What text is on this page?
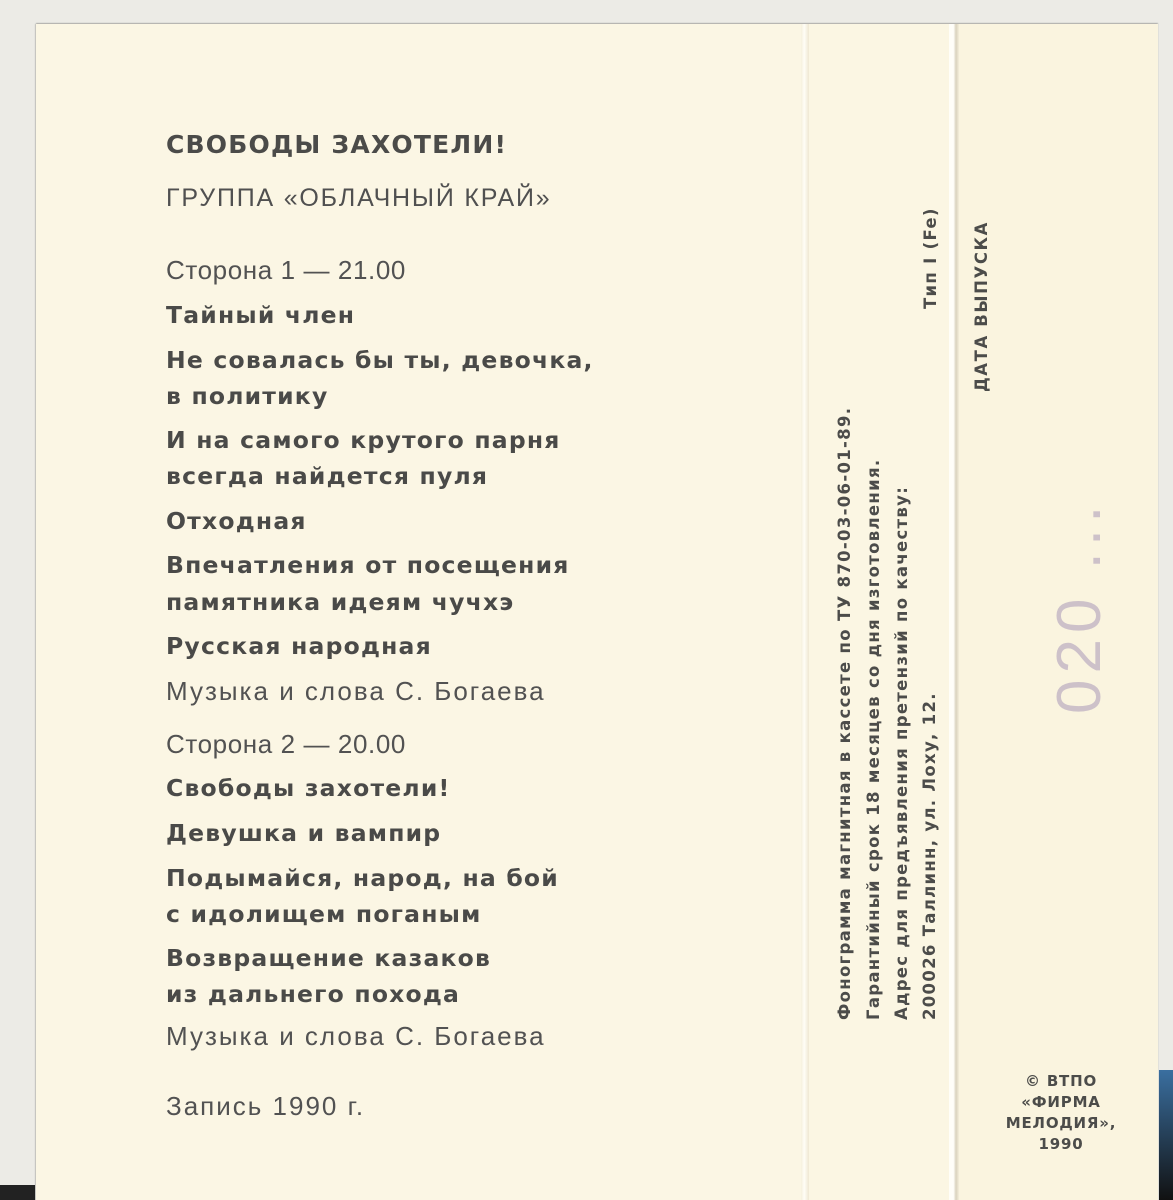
СВОБОДЫ ЗАХОТЕЛИ!
ГРУППА «ОБЛАЧНЫЙ КРАЙ»
Сторона 1 — 21.00
Тайный член
Не совалась бы ты, девочка,
в политику
И на самого крутого парня
всегда найдется пуля
Отходная
Впечатления от посещения
памятника идеям чучхэ
Русская народная
Музыка и слова С. Богаева
Сторона 2 — 20.00
Свободы захотели!
Девушка и вампир
Подымайся, народ, на бой
с идолищем поганым
Возвращение казаков
из дальнего похода
Музыка и слова С. Богаева
Запись 1990 г.
Фонограмма магнитная в кассете по ТУ 870-03-06-01-89. Гарантийный срок 18 месяцев со дня изготовления. Адрес для предъявления претензий по качеству: 200026 Таллинн, ул. Лоху, 12.
Тип I (Fe) ДАТА ВЫПУСКА
020 ...
© ВТПО
«ФИРМА
МЕЛОДИЯ»,
1990
